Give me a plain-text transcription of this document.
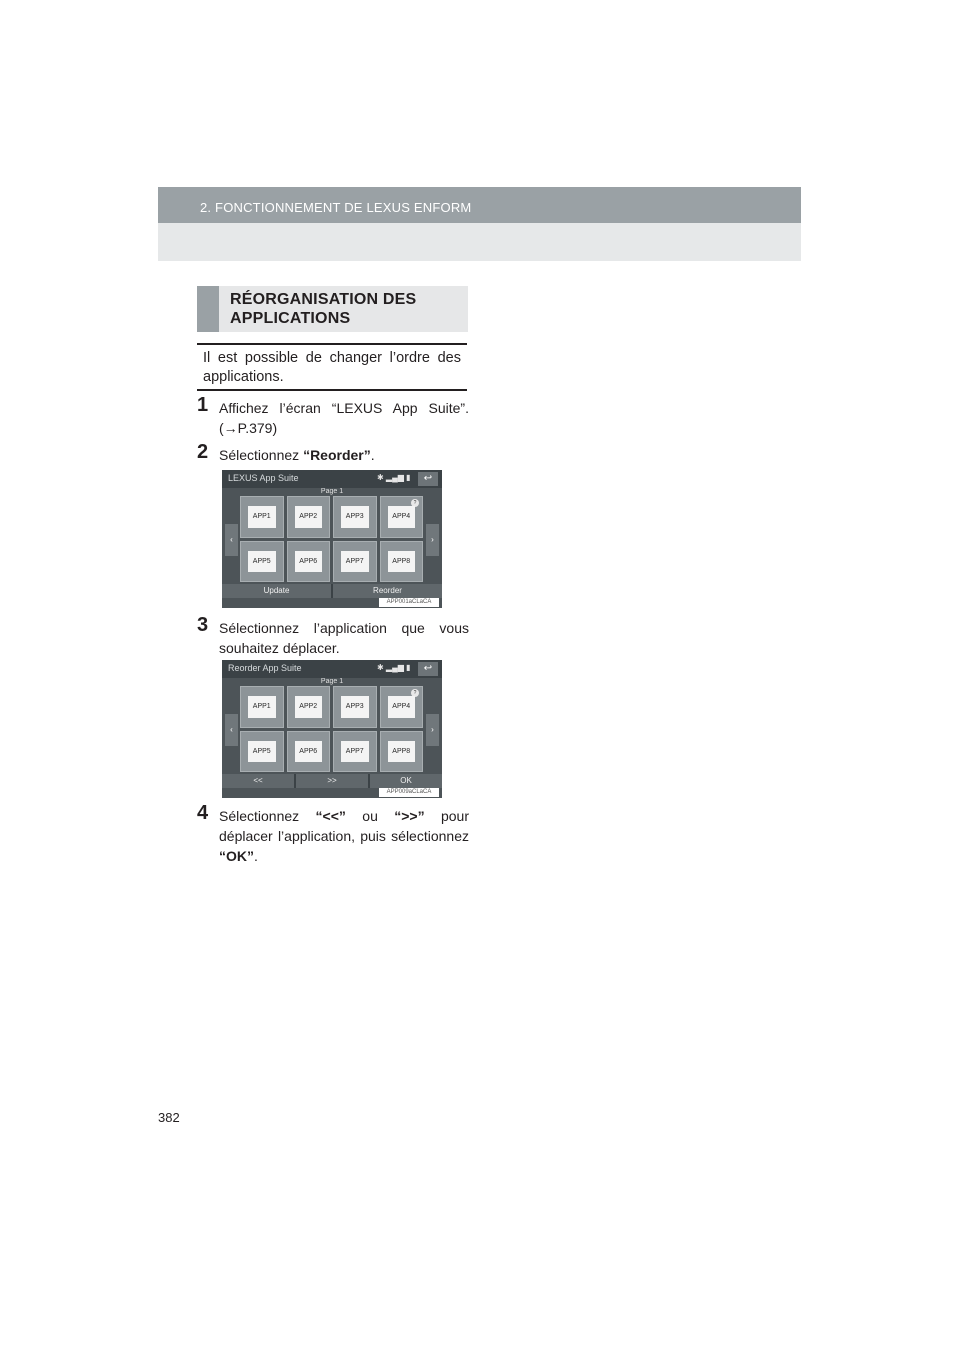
2. FONCTIONNEMENT DE LEXUS ENFORM
RÉORGANISATION DES APPLICATIONS

Il est possible de changer l’ordre des applications.

1 Affichez l’écran “LEXUS App Suite”. (→P.379)
2 Sélectionnez “Reorder”.
LEXUS App Suite	✱ ▂▄▆ ▮	↩
Page 1
‹	›
APP1	APP2	APP3
?
APP4
APP5	APP6	APP7	APP8
Update	Reorder
APP001aCLaCA
3 Sélectionnez l’application que vous souhaitez déplacer.
Reorder App Suite	✱ ▂▄▆ ▮	↩
Page 1
‹	›
APP1	APP2	APP3
?
APP4
APP5	APP6	APP7	APP8
<<	>>	OK
APP009aCLaCA
4 Sélectionnez “<<” ou “>>” pour déplacer l’application, puis sélectionnez “OK”.
382
